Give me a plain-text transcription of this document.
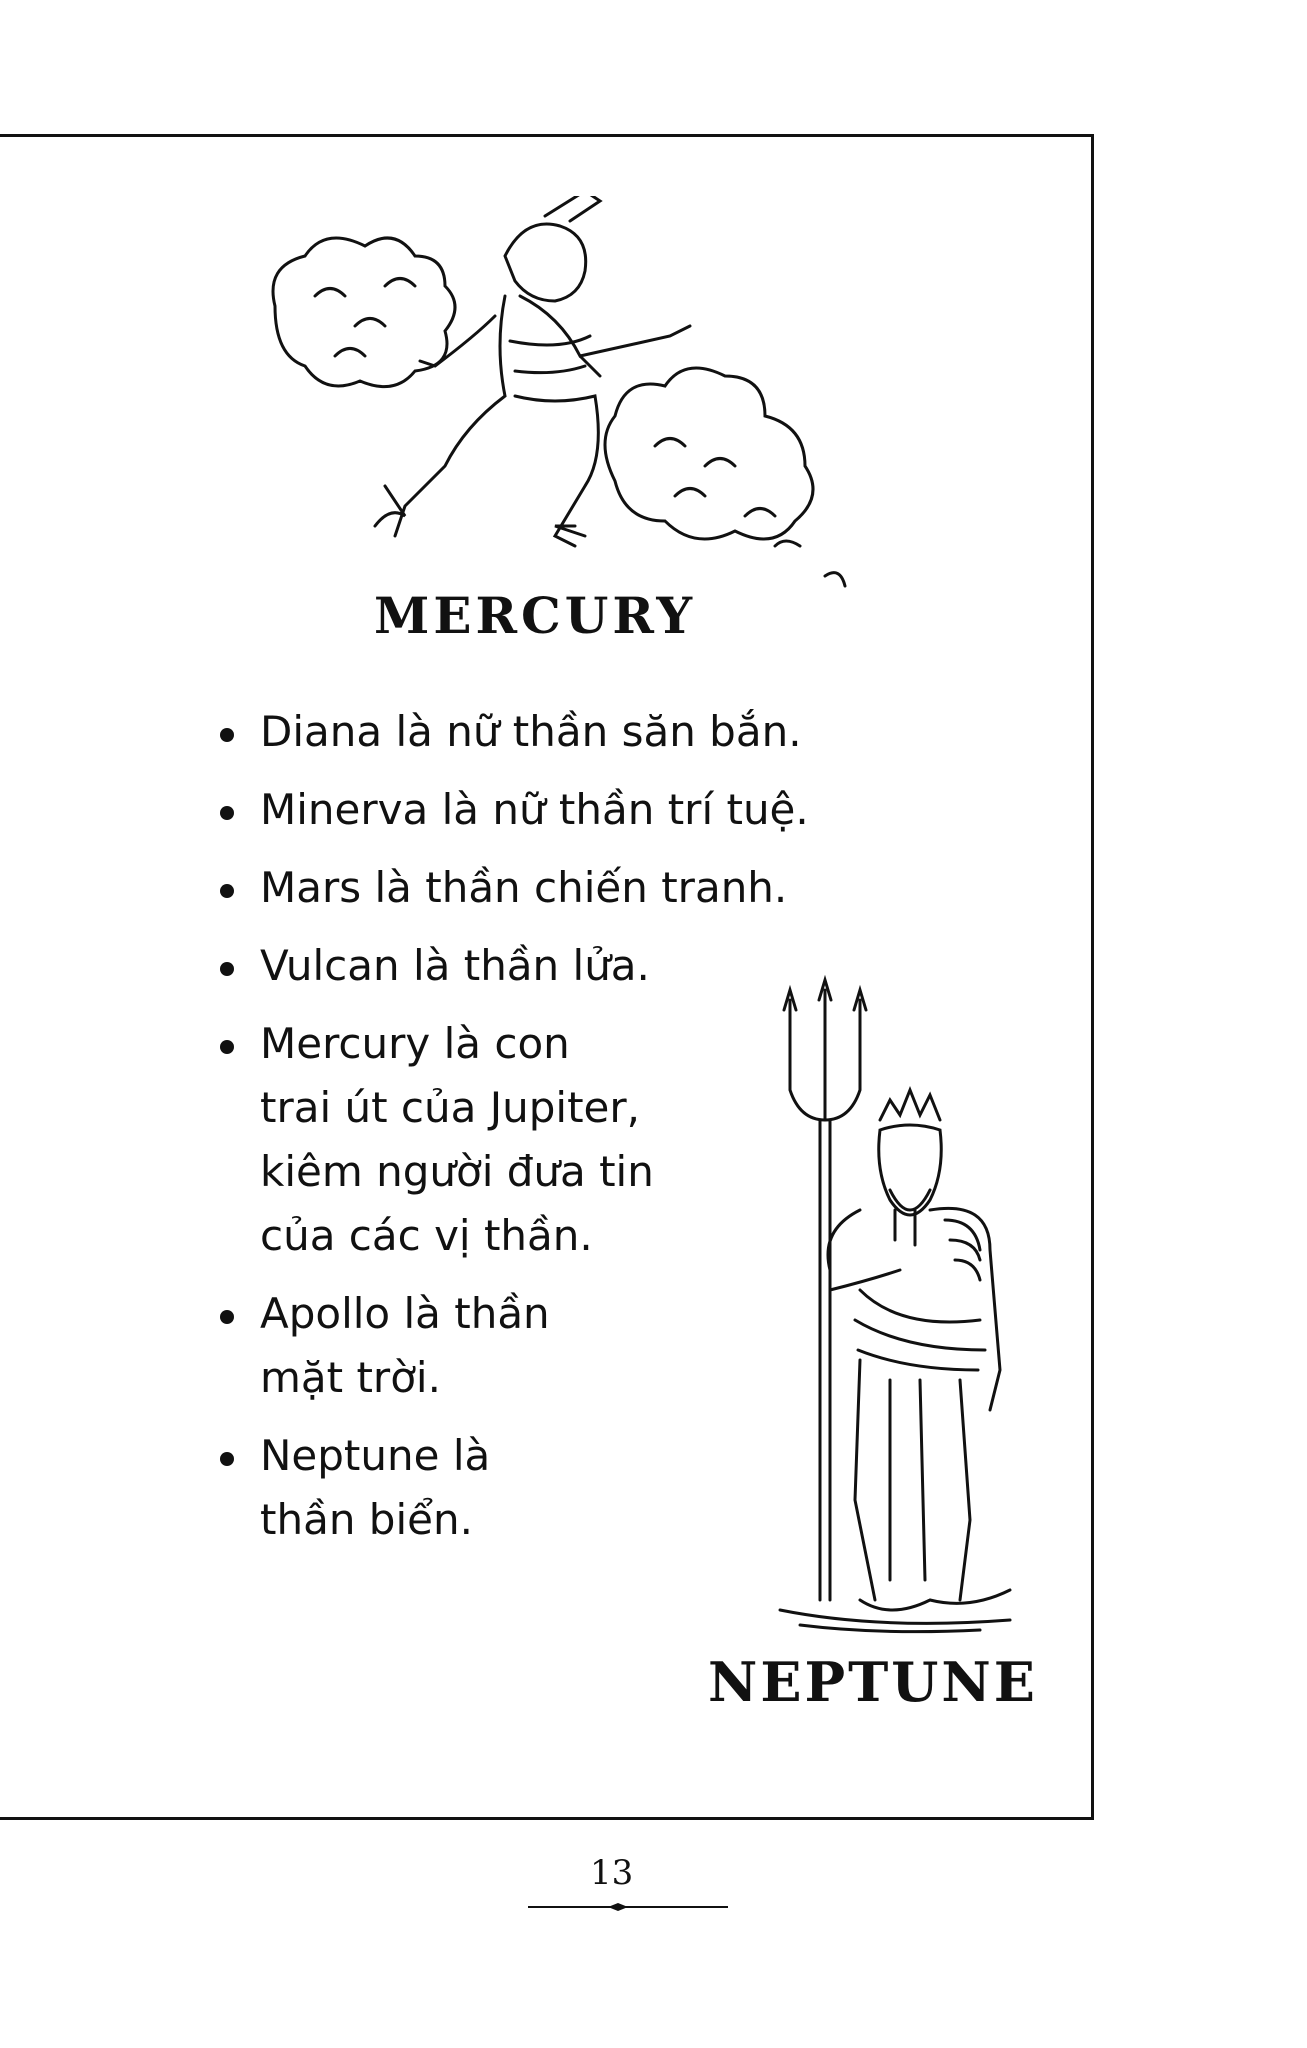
MERCURY
Diana là nữ thần săn bắn.
Minerva là nữ thần trí tuệ.
Mars là thần chiến tranh.
Vulcan là thần lửa.
Mercury là con
trai út của Jupiter,
kiêm người đưa tin
của các vị thần.
Apollo là thần
mặt trời.
Neptune là
thần biển.
NEPTUNE
13
